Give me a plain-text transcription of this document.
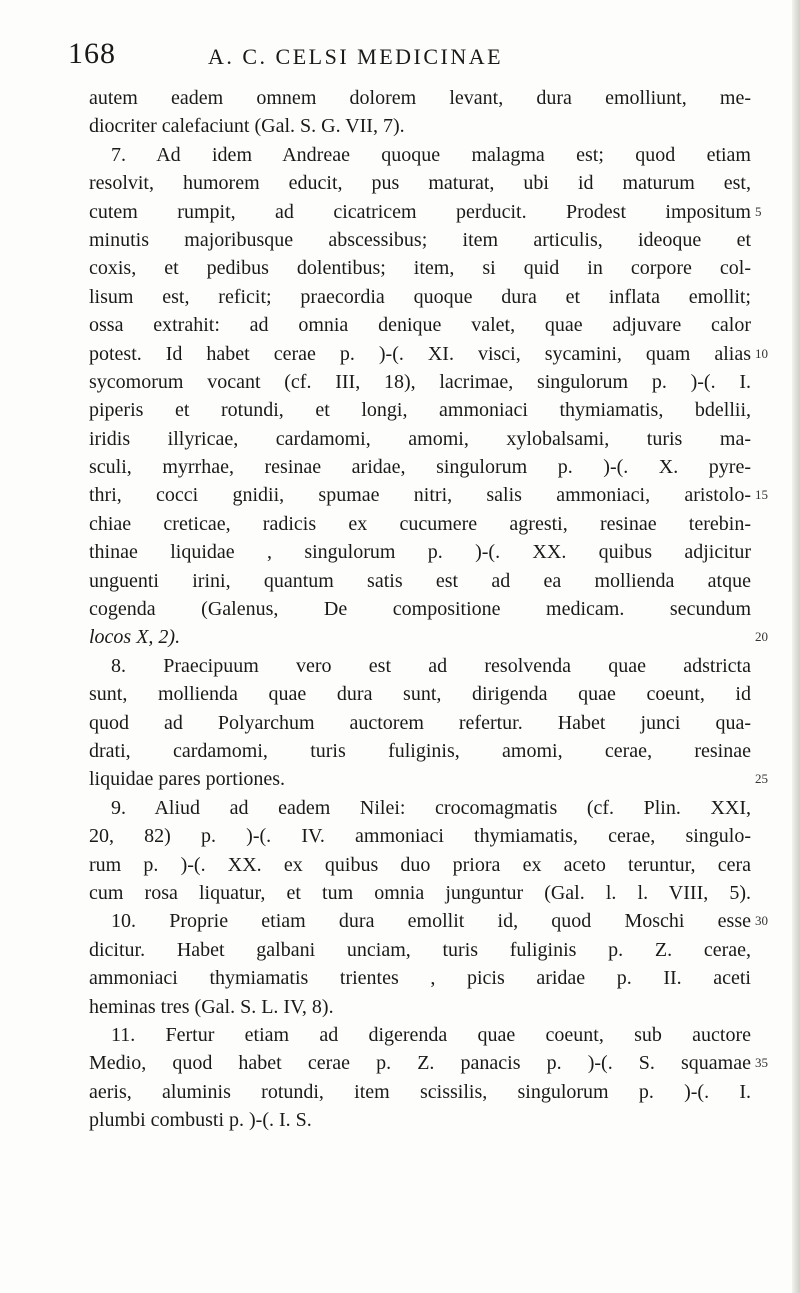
168	A. C. CELSI MEDICINAE
autem eadem omnem dolorem levant, dura emolliunt, me-
diocriter calefaciunt (Gal. S. G. VII, 7).
7. Ad idem Andreae quoque malagma est; quod etiam
resolvit, humorem educit, pus maturat, ubi id maturum est,
cutem rumpit, ad cicatricem perducit. Prodest impositum 5
minutis majoribusque abscessibus; item articulis, ideoque et
coxis, et pedibus dolentibus; item, si quid in corpore col-
lisum est, reficit; praecordia quoque dura et inflata emollit;
ossa extrahit: ad omnia denique valet, quae adjuvare calor
potest. Id habet cerae p. )-(. XI. visci, sycamini, quam alias 10
sycomorum vocant (cf. III, 18), lacrimae, singulorum p. )-(. I.
piperis et rotundi, et longi, ammoniaci thymiamatis, bdellii,
iridis illyricae, cardamomi, amomi, xylobalsami, turis ma-
sculi, myrrhae, resinae aridae, singulorum p. )-(. X. pyre-
thri, cocci gnidii, spumae nitri, salis ammoniaci, aristolo- 15
chiae creticae, radicis ex cucumere agresti, resinae terebin-
thinae liquidae , singulorum p. )-(. XX. quibus adjicitur
unguenti irini, quantum satis est ad ea mollienda atque
cogenda (Galenus, De compositione medicam. secundum
locos X, 2).	20
8. Praecipuum vero est ad resolvenda quae adstricta
sunt, mollienda quae dura sunt, dirigenda quae coeunt, id
quod ad Polyarchum auctorem refertur. Habet junci qua-
drati, cardamomi, turis fuliginis, amomi, cerae, resinae
liquidae pares portiones.	25
9. Aliud ad eadem Nilei: crocomagmatis (cf. Plin. XXI,
20, 82) p. )-(. IV. ammoniaci thymiamatis, cerae, singulo-
rum p. )-(. XX. ex quibus duo priora ex aceto teruntur, cera
cum rosa liquatur, et tum omnia junguntur (Gal. l. l. VIII, 5).
10. Proprie etiam dura emollit id, quod Moschi esse 30
dicitur. Habet galbani unciam, turis fuliginis p. Z. cerae,
ammoniaci thymiamatis trientes , picis aridae p. II. aceti
heminas tres (Gal. S. L. IV, 8).
11. Fertur etiam ad digerenda quae coeunt, sub auctore
Medio, quod habet cerae p. Z. panacis p. )-(. S. squamae 35
aeris, aluminis rotundi, item scissilis, singulorum p. )-(. I.
plumbi combusti p. )-(. I. S.
